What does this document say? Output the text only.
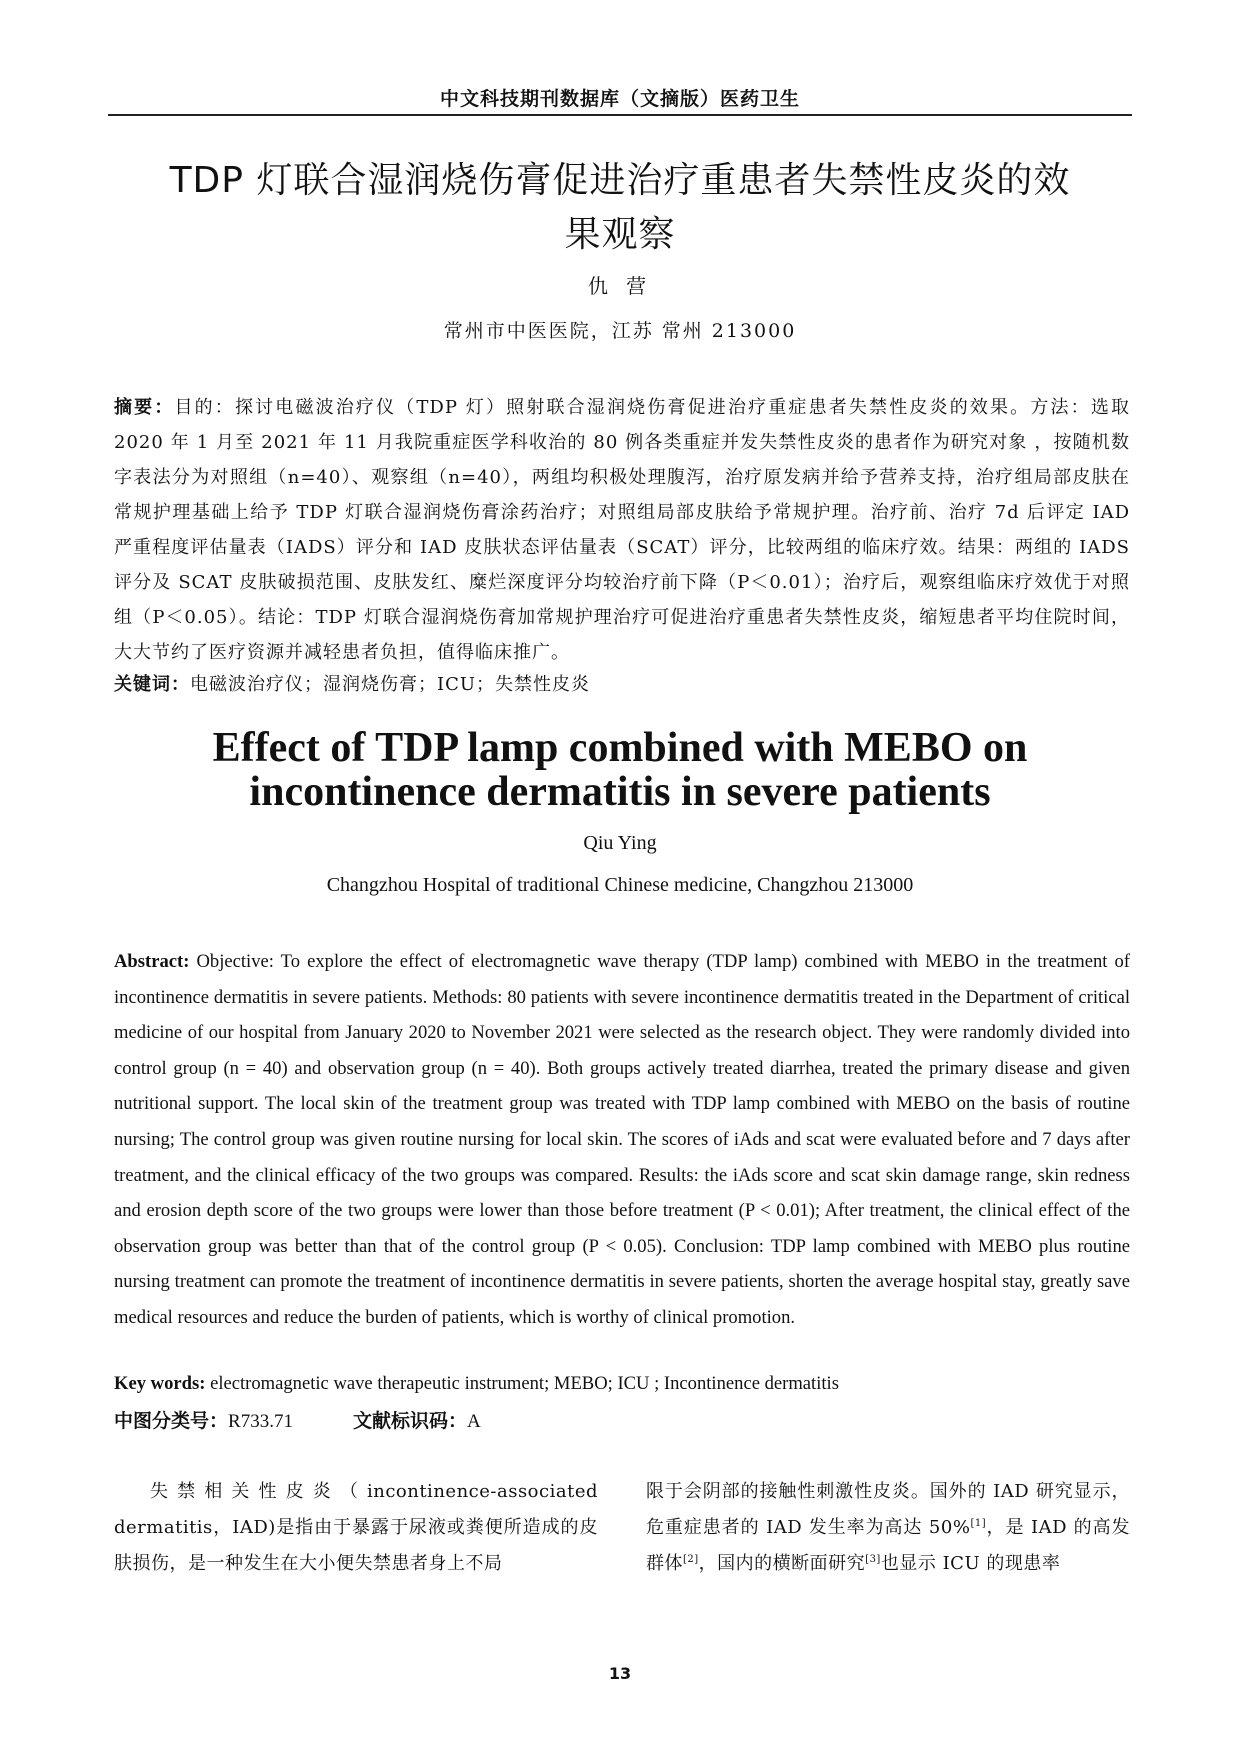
中文科技期刊数据库（文摘版）医药卫生
TDP 灯联合湿润烧伤膏促进治疗重患者失禁性皮炎的效
果观察
仇 营
常州市中医医院，江苏 常州 213000
摘要：目的：探讨电磁波治疗仪（TDP 灯）照射联合湿润烧伤膏促进治疗重症患者失禁性皮炎的效果。方法：选取 2020 年 1 月至 2021 年 11 月我院重症医学科收治的 80 例各类重症并发失禁性皮炎的患者作为研究对象 ，按随机数字表法分为对照组（n=40）、观察组（n=40），两组均积极处理腹泻，治疗原发病并给予营养支持，治疗组局部皮肤在常规护理基础上给予 TDP 灯联合湿润烧伤膏涂药治疗；对照组局部皮肤给予常规护理。治疗前、治疗 7d 后评定 IAD 严重程度评估量表（IADS）评分和 IAD 皮肤状态评估量表（SCAT）评分，比较两组的临床疗效。结果：两组的 IADS 评分及 SCAT 皮肤破损范围、皮肤发红、糜烂深度评分均较治疗前下降（P＜0.01）；治疗后，观察组临床疗效优于对照组（P＜0.05）。结论：TDP 灯联合湿润烧伤膏加常规护理治疗可促进治疗重患者失禁性皮炎，缩短患者平均住院时间，大大节约了医疗资源并减轻患者负担，值得临床推广。
关键词：电磁波治疗仪；湿润烧伤膏；ICU；失禁性皮炎
Effect of TDP lamp combined with MEBO on
incontinence dermatitis in severe patients
Qiu Ying
Changzhou Hospital of traditional Chinese medicine, Changzhou 213000
Abstract: Objective: To explore the effect of electromagnetic wave therapy (TDP lamp) combined with MEBO in the treatment of incontinence dermatitis in severe patients. Methods: 80 patients with severe incontinence dermatitis treated in the Department of critical medicine of our hospital from January 2020 to November 2021 were selected as the research object. They were randomly divided into control group (n = 40) and observation group (n = 40). Both groups actively treated diarrhea, treated the primary disease and given nutritional support. The local skin of the treatment group was treated with TDP lamp combined with MEBO on the basis of routine nursing; The control group was given routine nursing for local skin. The scores of iAds and scat were evaluated before and 7 days after treatment, and the clinical efficacy of the two groups was compared. Results: the iAds score and scat skin damage range, skin redness and erosion depth score of the two groups were lower than those before treatment (P < 0.01); After treatment, the clinical effect of the observation group was better than that of the control group (P < 0.05). Conclusion: TDP lamp combined with MEBO plus routine nursing treatment can promote the treatment of incontinence dermatitis in severe patients, shorten the average hospital stay, greatly save medical resources and reduce the burden of patients, which is worthy of clinical promotion.
Key words: electromagnetic wave therapeutic instrument; MEBO; ICU ; Incontinence dermatitis
中图分类号：R733.71	文献标识码：A
失禁相关性皮炎（incontinence-associated dermatitis，IAD)是指由于暴露于尿液或粪便所造成的皮肤损伤，是一种发生在大小便失禁患者身上不局
限于会阴部的接触性刺激性皮炎。国外的 IAD 研究显示，危重症患者的 IAD 发生率为高达 50%[1]，是 IAD 的高发群体[2]，国内的横断面研究[3]也显示 ICU 的现患率
13
